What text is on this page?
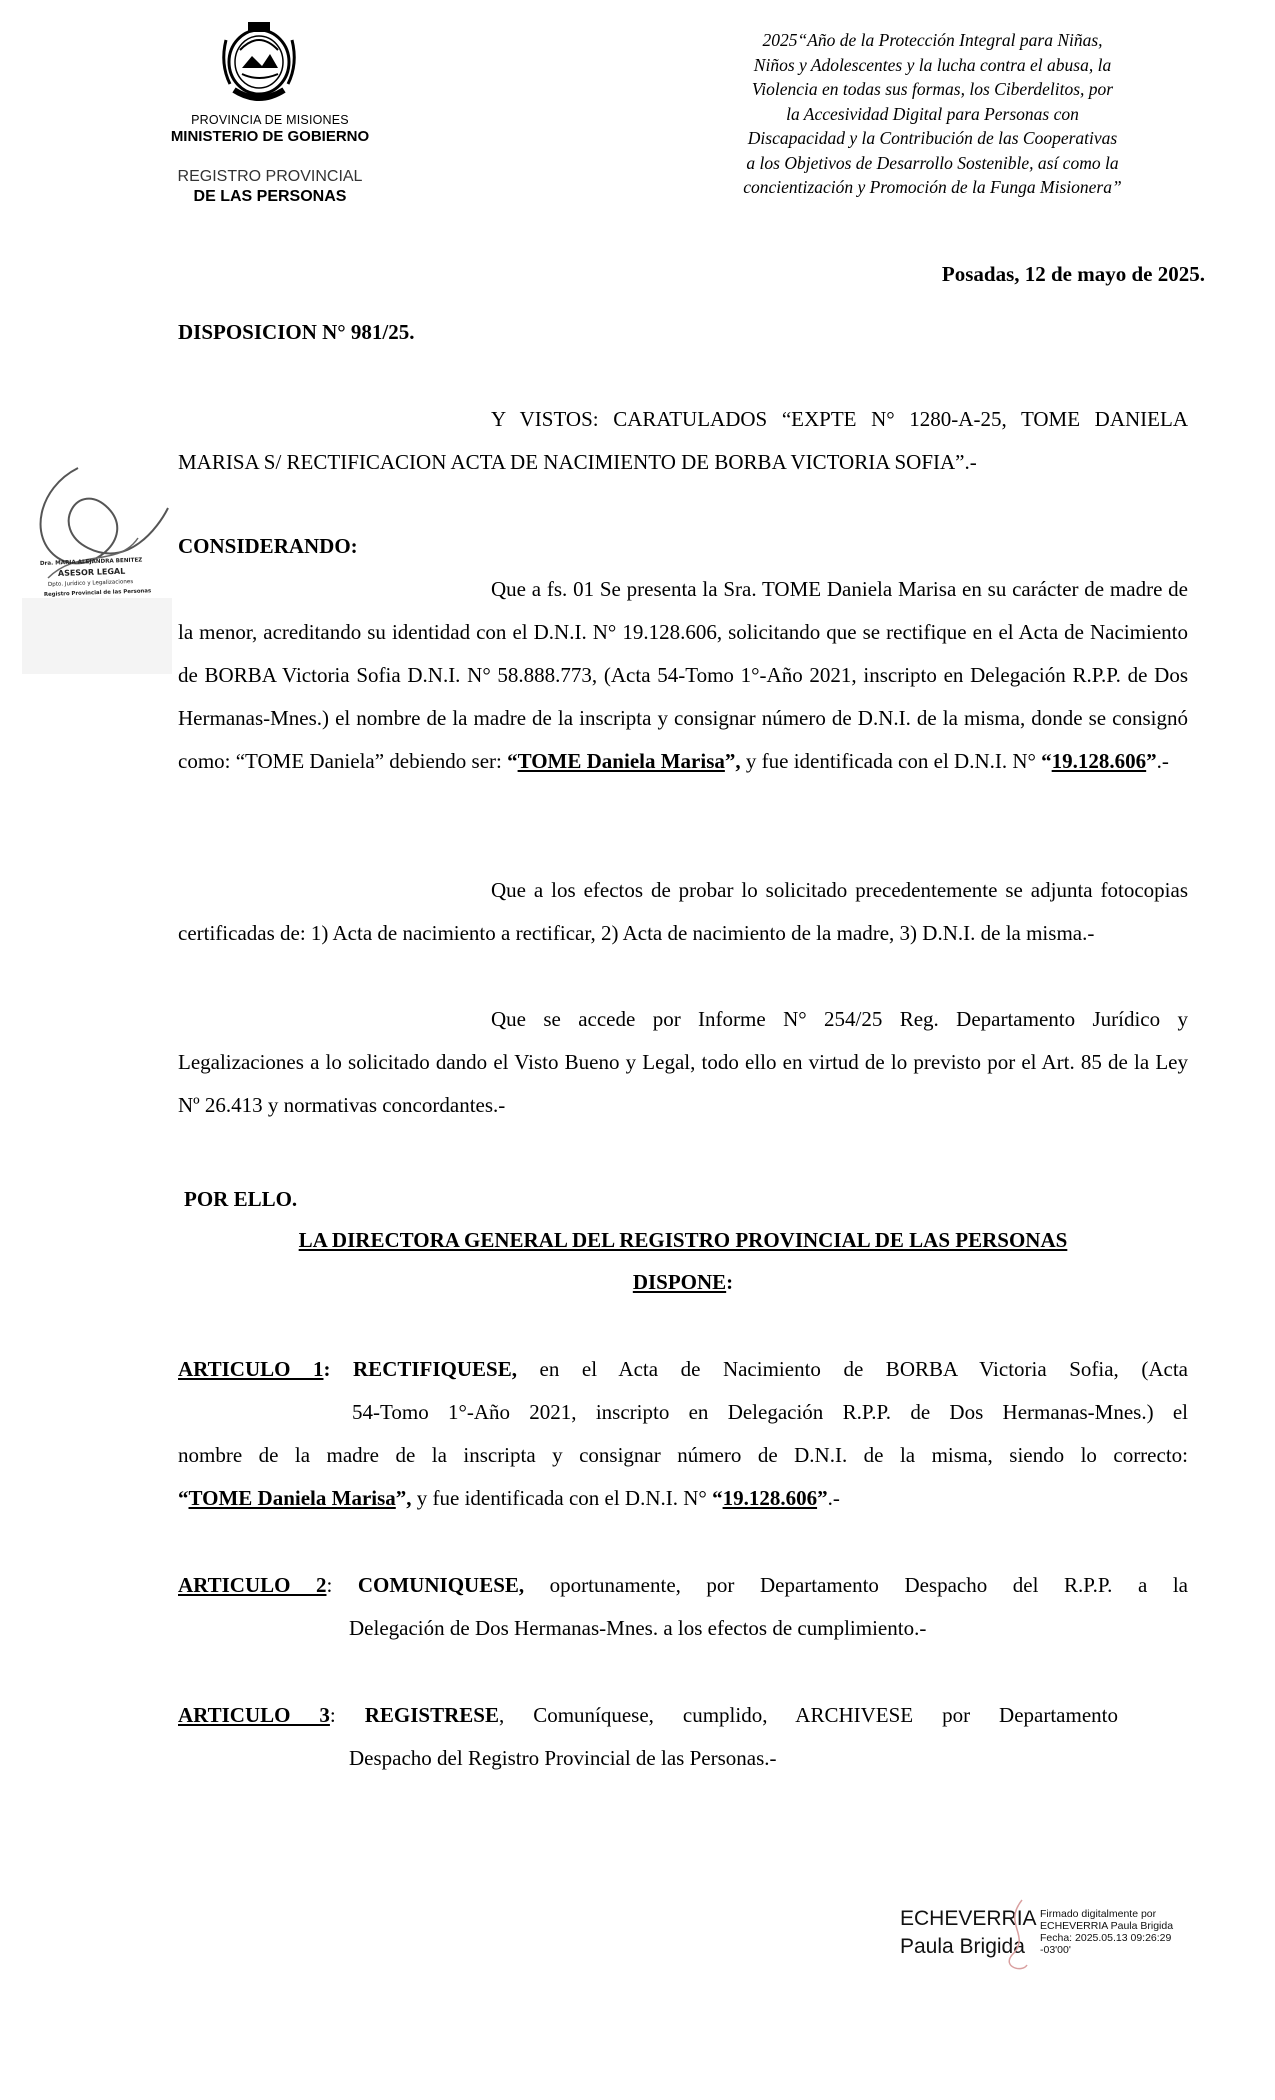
PROVINCIA DE MISIONES
MINISTERIO DE GOBIERNO
REGISTRO PROVINCIAL
DE LAS PERSONAS
2025“Año de la Protección Integral para Niñas,
Niños y Adolescentes y la lucha contra el abusa, la
Violencia en todas sus formas, los Ciberdelitos, por
la Accesividad Digital para Personas con
Discapacidad y la Contribución de las Cooperativas
a los Objetivos de Desarrollo Sostenible, así como la
concientización y Promoción de la Funga Misionera”
Posadas, 12 de mayo de 2025.
DISPOSICION N° 981/25.
Dra. MARIA ALEJANDRA BENITEZ
ASESOR LEGAL
Dpto. Jurídico y Legalizaciones
Registro Provincial de las Personas

Y VISTOS: CARATULADOS “EXPTE N° 1280-A-25, TOME DANIELA MARISA S/ RECTIFICACION ACTA DE NACIMIENTO DE BORBA VICTORIA SOFIA”.-

CONSIDERANDO:

Que a fs. 01 Se presenta la Sra. TOME Daniela Marisa en su carácter de madre de la menor, acreditando su identidad con el D.N.I. N° 19.128.606, solicitando que se rectifique en el Acta de Nacimiento de BORBA Victoria Sofia D.N.I. N° 58.888.773, (Acta 54-Tomo 1°-Año 2021, inscripto en Delegación R.P.P. de Dos Hermanas-Mnes.) el nombre de la madre de la inscripta y consignar número de D.N.I. de la misma, donde se consignó como: “TOME Daniela” debiendo ser: “TOME Daniela Marisa”, y fue identificada con el D.N.I. N° “19.128.606”.-

Que a los efectos de probar lo solicitado precedentemente se adjunta fotocopias certificadas de: 1) Acta de nacimiento a rectificar, 2) Acta de nacimiento de la madre, 3) D.N.I. de la misma.-

Que se accede por Informe N° 254/25 Reg. Departamento Jurídico y Legalizaciones a lo solicitado dando el Visto Bueno y Legal, todo ello en virtud de lo previsto por el Art. 85 de la Ley Nº 26.413 y normativas concordantes.-

POR ELLO.
LA DIRECTORA GENERAL DEL REGISTRO PROVINCIAL DE LAS PERSONAS
DISPONE:

ARTICULO 1: RECTIFIQUESE, en el Acta de Nacimiento de BORBA Victoria Sofia, (Acta

54-Tomo 1°-Año 2021, inscripto en Delegación R.P.P. de Dos Hermanas-Mnes.) el

nombre de la madre de la inscripta y consignar número de D.N.I. de la misma, siendo lo correcto:

“TOME Daniela Marisa”, y fue identificada con el D.N.I. N° “19.128.606”.-

ARTICULO 2: COMUNIQUESE, oportunamente, por Departamento Despacho del R.P.P. a la

Delegación de Dos Hermanas-Mnes. a los efectos de cumplimiento.-

ARTICULO 3: REGISTRESE, Comuníquese, cumplido, ARCHIVESE por Departamento

Despacho del Registro Provincial de las Personas.-

ECHEVERRIA
Paula Brigida
Firmado digitalmente por
ECHEVERRIA Paula Brigida
Fecha: 2025.05.13 09:26:29
-03'00'
